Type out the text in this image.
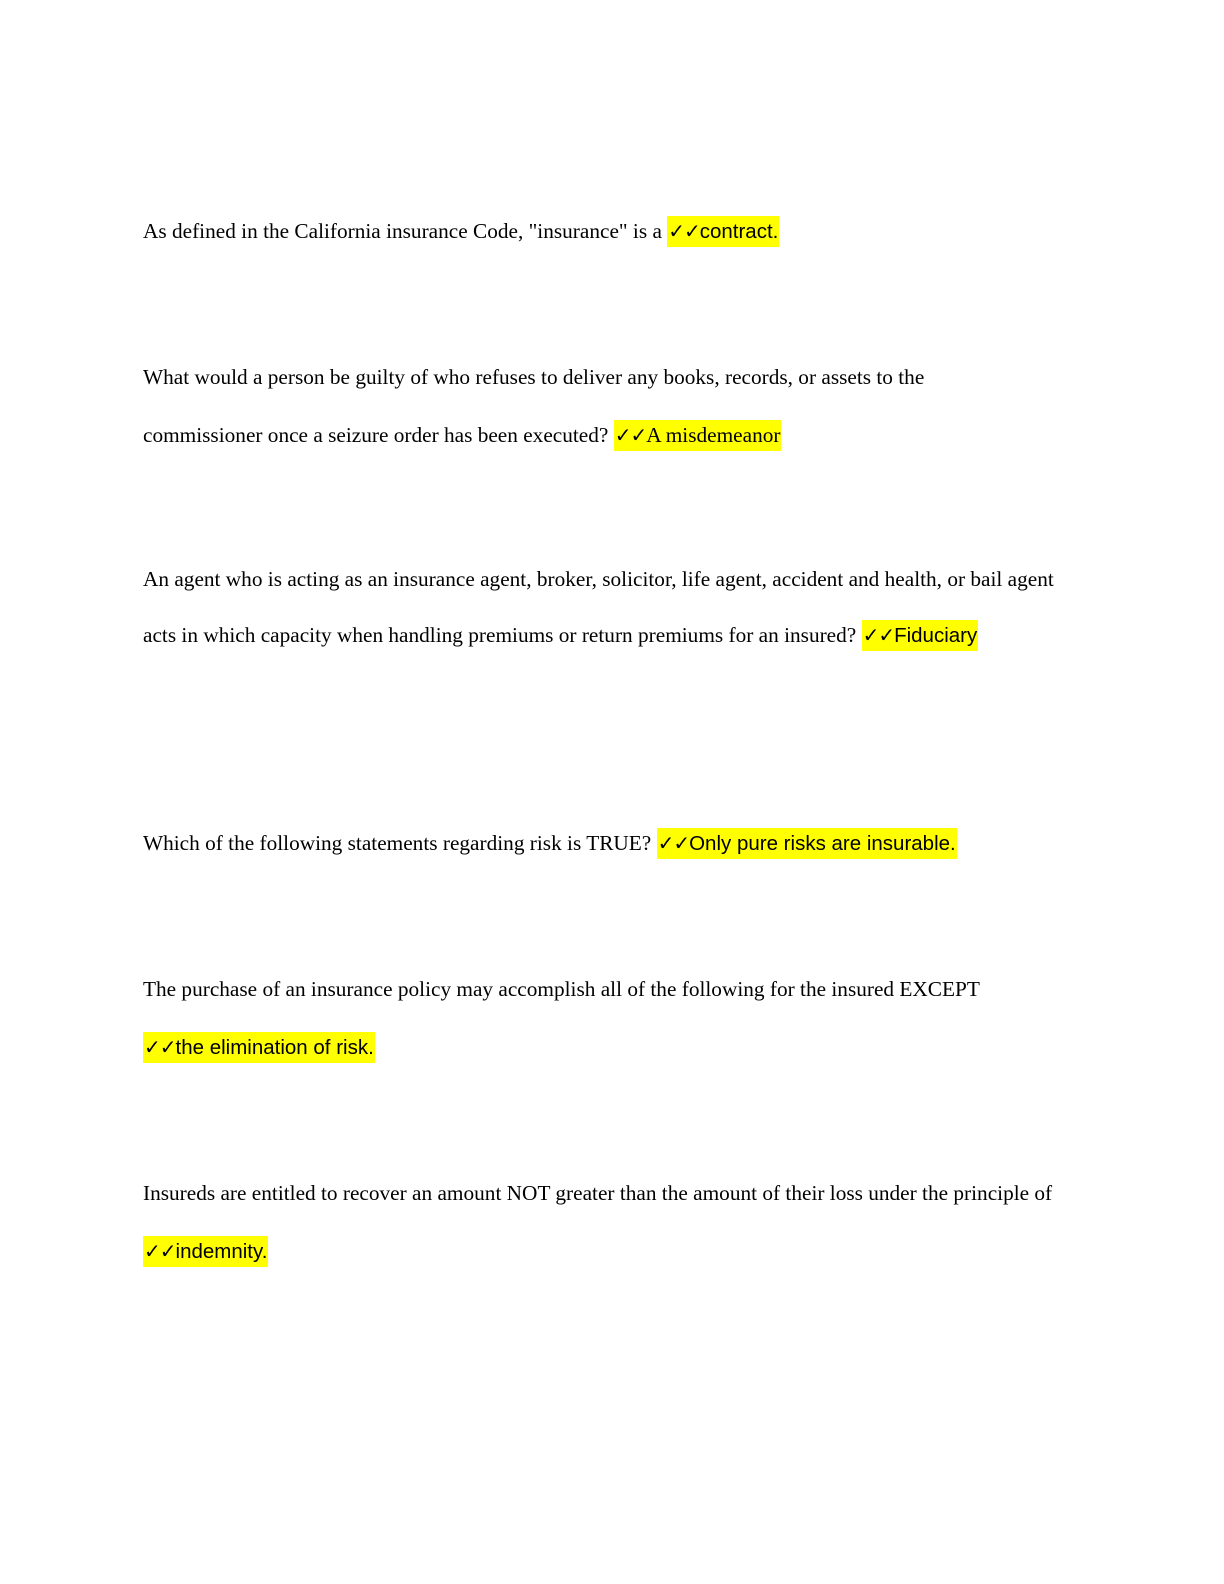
As defined in the California insurance Code, "insurance" is a ✓✓contract.
What would a person be guilty of who refuses to deliver any books, records, or assets to the commissioner once a seizure order has been executed? ✓✓A misdemeanor
An agent who is acting as an insurance agent, broker, solicitor, life agent, accident and health, or bail agent acts in which capacity when handling premiums or return premiums for an insured? ✓✓Fiduciary
Which of the following statements regarding risk is TRUE? ✓✓Only pure risks are insurable.
The purchase of an insurance policy may accomplish all of the following for the insured EXCEPT ✓✓the elimination of risk.
Insureds are entitled to recover an amount NOT greater than the amount of their loss under the principle of ✓✓indemnity.
